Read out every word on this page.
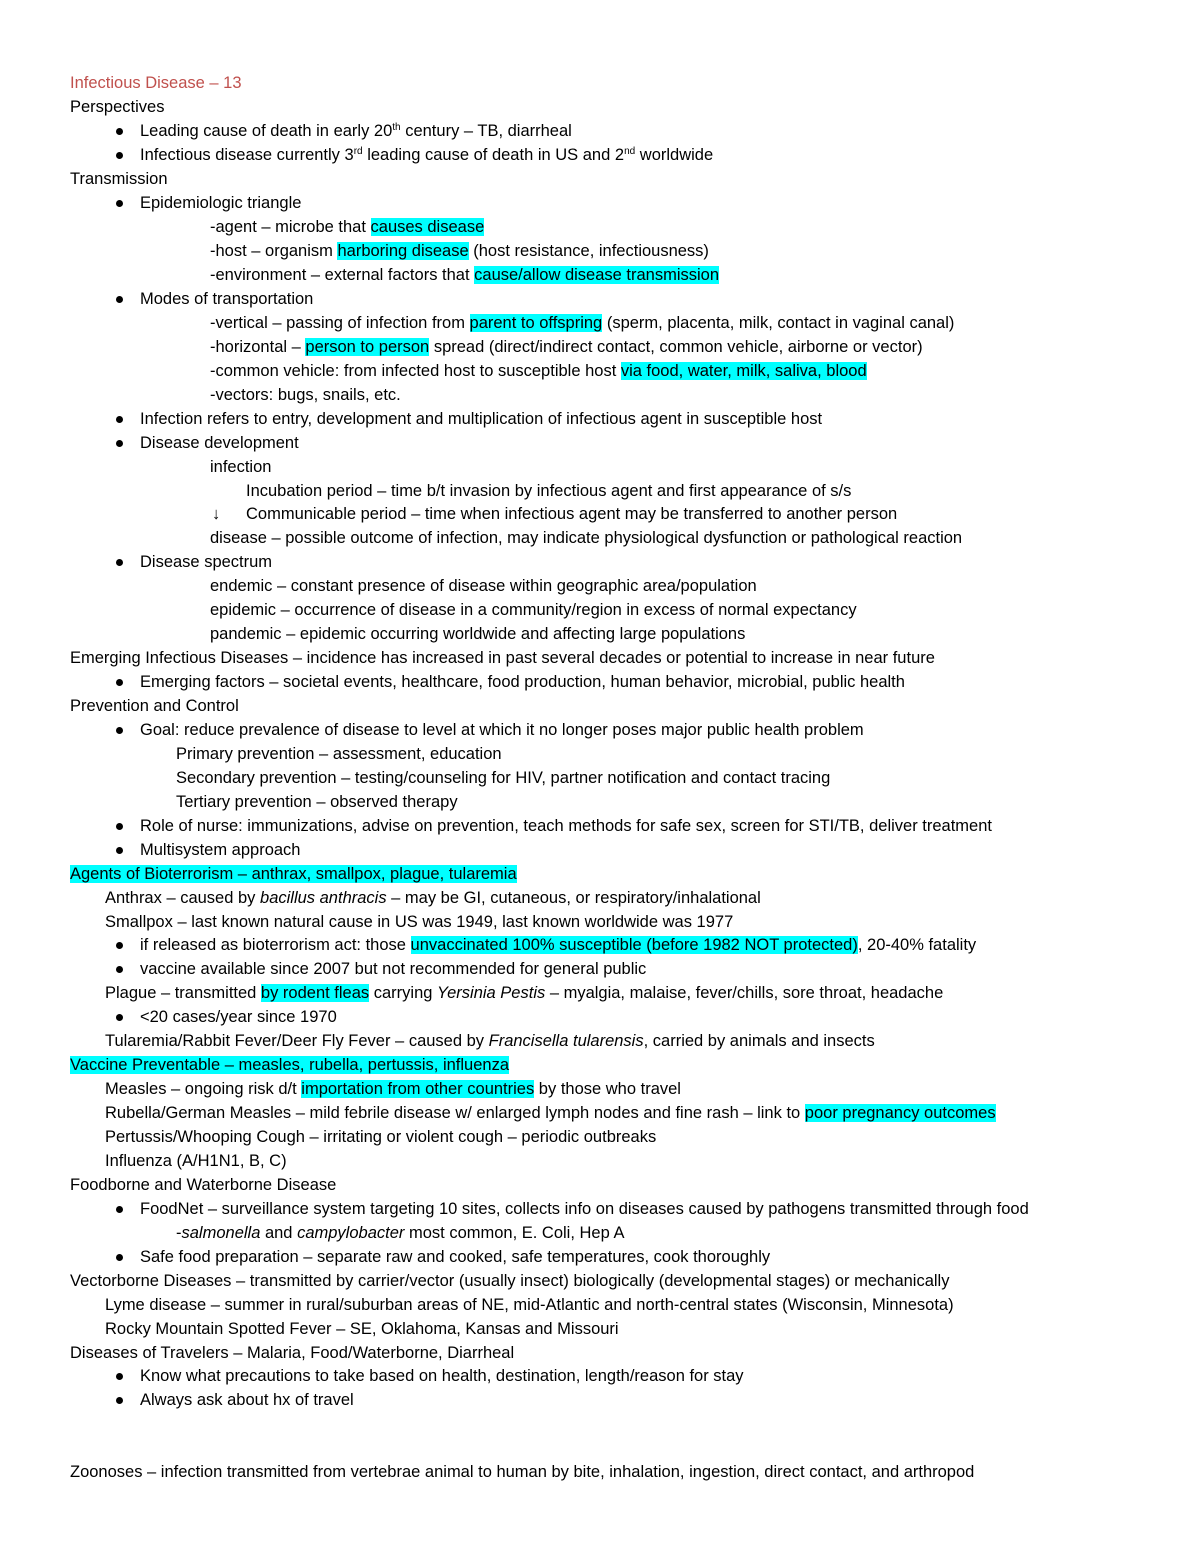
Infectious Disease – 13
Perspectives
Leading cause of death in early 20th century – TB, diarrheal
Infectious disease currently 3rd leading cause of death in US and 2nd worldwide
Transmission
Epidemiologic triangle
-agent – microbe that causes disease
-host – organism harboring disease (host resistance, infectiousness)
-environment – external factors that cause/allow disease transmission
Modes of transportation
-vertical – passing of infection from parent to offspring (sperm, placenta, milk, contact in vaginal canal)
-horizontal – person to person spread (direct/indirect contact, common vehicle, airborne or vector)
-common vehicle: from infected host to susceptible host via food, water, milk, saliva, blood
-vectors: bugs, snails, etc.
Infection refers to entry, development and multiplication of infectious agent in susceptible host
Disease development
infection
Incubation period – time b/t invasion by infectious agent and first appearance of s/s
↓ Communicable period – time when infectious agent may be transferred to another person
disease – possible outcome of infection, may indicate physiological dysfunction or pathological reaction
Disease spectrum
endemic – constant presence of disease within geographic area/population
epidemic – occurrence of disease in a community/region in excess of normal expectancy
pandemic – epidemic occurring worldwide and affecting large populations
Emerging Infectious Diseases – incidence has increased in past several decades or potential to increase in near future
Emerging factors – societal events, healthcare, food production, human behavior, microbial, public health
Prevention and Control
Goal: reduce prevalence of disease to level at which it no longer poses major public health problem
Primary prevention – assessment, education
Secondary prevention – testing/counseling for HIV, partner notification and contact tracing
Tertiary prevention – observed therapy
Role of nurse: immunizations, advise on prevention, teach methods for safe sex, screen for STI/TB, deliver treatment
Multisystem approach
Agents of Bioterrorism – anthrax, smallpox, plague, tularemia
Anthrax – caused by bacillus anthracis – may be GI, cutaneous, or respiratory/inhalational
Smallpox – last known natural cause in US was 1949, last known worldwide was 1977
if released as bioterrorism act: those unvaccinated 100% susceptible (before 1982 NOT protected), 20-40% fatality
vaccine available since 2007 but not recommended for general public
Plague – transmitted by rodent fleas carrying Yersinia Pestis – myalgia, malaise, fever/chills, sore throat, headache
<20 cases/year since 1970
Tularemia/Rabbit Fever/Deer Fly Fever – caused by Francisella tularensis, carried by animals and insects
Vaccine Preventable – measles, rubella, pertussis, influenza
Measles – ongoing risk d/t importation from other countries by those who travel
Rubella/German Measles – mild febrile disease w/ enlarged lymph nodes and fine rash – link to poor pregnancy outcomes
Pertussis/Whooping Cough – irritating or violent cough – periodic outbreaks
Influenza (A/H1N1, B, C)
Foodborne and Waterborne Disease
FoodNet – surveillance system targeting 10 sites, collects info on diseases caused by pathogens transmitted through food
-salmonella and campylobacter most common, E. Coli, Hep A
Safe food preparation – separate raw and cooked, safe temperatures, cook thoroughly
Vectorborne Diseases – transmitted by carrier/vector (usually insect) biologically (developmental stages) or mechanically
Lyme disease – summer in rural/suburban areas of NE, mid-Atlantic and north-central states (Wisconsin, Minnesota)
Rocky Mountain Spotted Fever – SE, Oklahoma, Kansas and Missouri
Diseases of Travelers – Malaria, Food/Waterborne, Diarrheal
Know what precautions to take based on health, destination, length/reason for stay
Always ask about hx of travel
Zoonoses – infection transmitted from vertebrae animal to human by bite, inhalation, ingestion, direct contact, and arthropod
